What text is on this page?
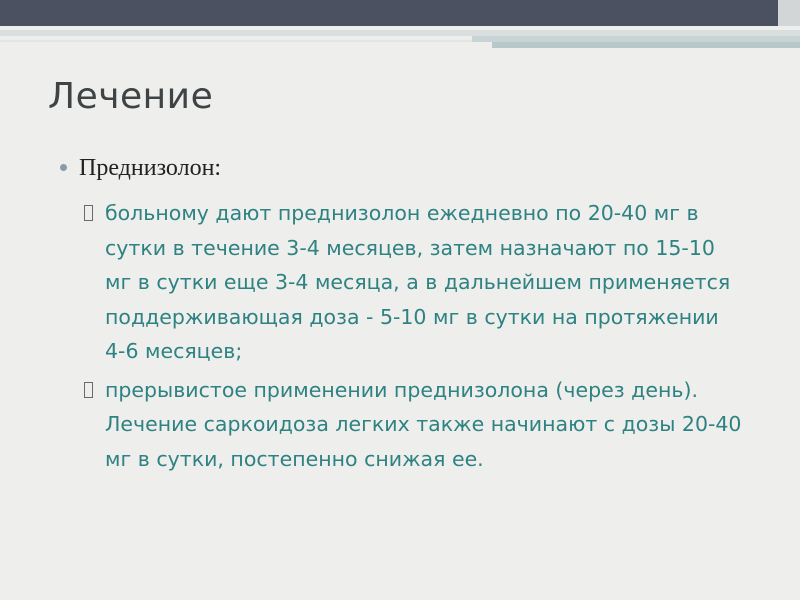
Лечение
Преднизолон:
больному дают преднизолон ежедневно по 20-40 мг в сутки в течение 3-4 месяцев, затем назначают по 15-10 мг в сутки еще 3-4 месяца, а в дальнейшем применяется поддерживающая доза - 5-10 мг в сутки на протяжении 4-6 месяцев;
прерывистое применении преднизолона (через день). Лечение саркоидоза легких также начинают с дозы 20-40 мг в сутки, постепенно снижая ее.
